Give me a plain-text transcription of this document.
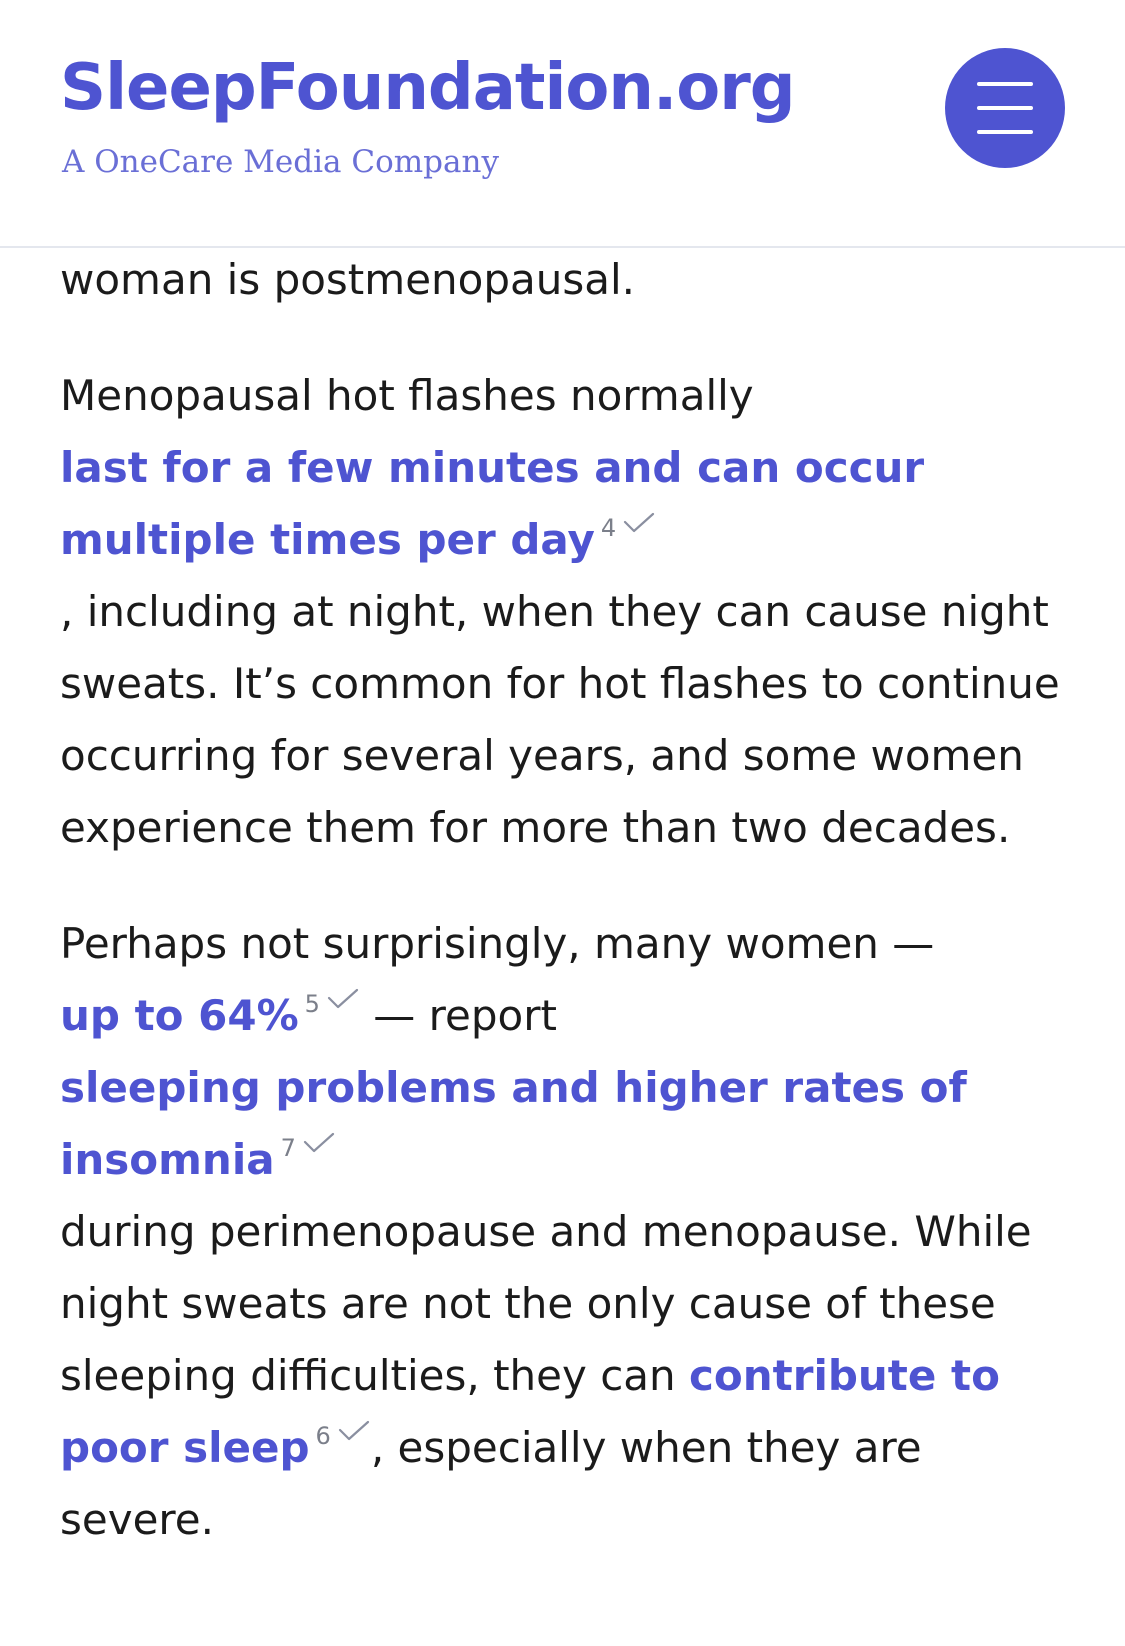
SleepFoundation.org
A OneCare Media Company

woman is postmenopausal.

Menopausal hot flashes normally
last for a few minutes and can occur multiple times per day $^4$

, including at night, when they can cause night sweats. It’s common for hot flashes to continue occurring for several years, and some women experience them for more than two decades.

Perhaps not surprisingly, many women —
up to 64% $^5$
— report
sleeping problems and higher rates of insomnia $^7$

during perimenopause and menopause. While night sweats are not the only cause of these sleeping difficulties, they can contribute to poor sleep $^6$ , especially when they are severe.
